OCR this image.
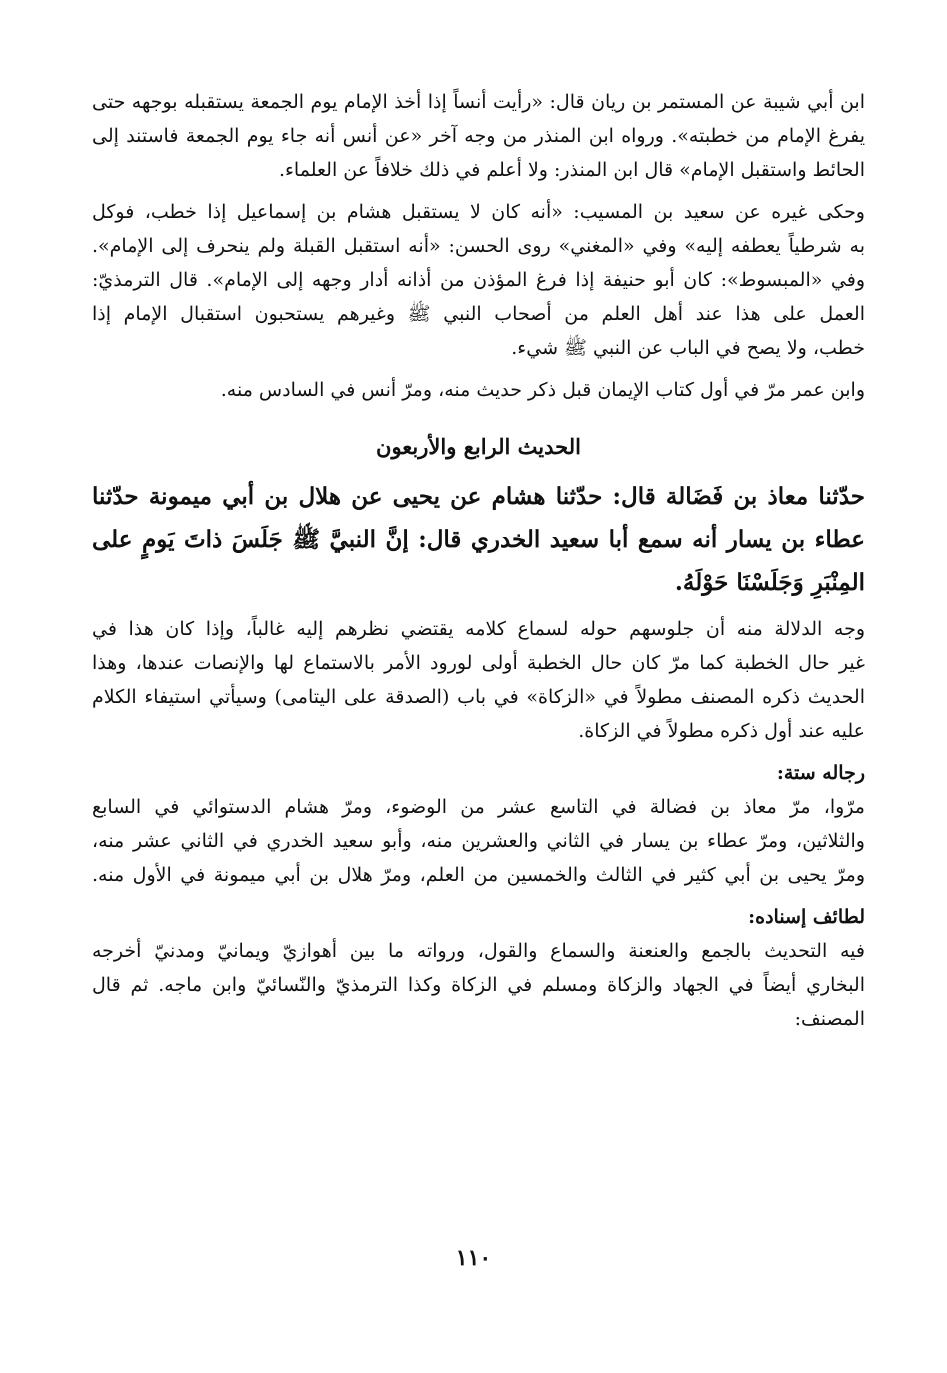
ابن أبي شيبة عن المستمر بن ريان قال: «رأيت أنساً إذا أخذ الإمام يوم الجمعة يستقبله بوجهه حتى
يفرغ الإمام من خطبته». ورواه ابن المنذر من وجه آخر «عن أنس أنه جاء يوم الجمعة فاستند إلى
الحائط واستقبل الإمام» قال ابن المنذر: ولا أعلم في ذلك خلافاً عن العلماء.
وحكى غيره عن سعيد بن المسيب: «أنه كان لا يستقبل هشام بن إسماعيل إذا خطب، فوكل
به شرطياً يعطفه إليه» وفي «المغني» روى الحسن: «أنه استقبل القبلة ولم ينحرف إلى الإمام».
وفي «المبسوط»: كان أبو حنيفة إذا فرغ المؤذن من أذانه أدار وجهه إلى الإمام». قال الترمذيّ:
العمل على هذا عند أهل العلم من أصحاب النبي ﷺ وغيرهم يستحبون استقبال الإمام إذا
خطب، ولا يصح في الباب عن النبي ﷺ شيء.
وابن عمر مرّ في أول كتاب الإيمان قبل ذكر حديث منه، ومرّ أنس في السادس منه.
الحديث الرابع والأربعون
حدّثنا معاذ بن فَضَالة قال: حدّثنا هشام عن يحيى عن هلال بن أبي ميمونة حدّثنا
عطاء بن يسار أنه سمع أبا سعيد الخدري قال: إنَّ النبيَّ ﷺ جَلَسَ ذاتَ يَومٍ على
المِنْبَرِ وَجَلَسْنَا حَوْلَهُ.
وجه الدلالة منه أن جلوسهم حوله لسماع كلامه يقتضي نظرهم إليه غالباً، وإذا كان هذا في
غير حال الخطبة كما مرّ كان حال الخطبة أولى لورود الأمر بالاستماع لها والإنصات عندها، وهذا
الحديث ذكره المصنف مطولاً في «الزكاة» في باب (الصدقة على اليتامى) وسيأتي استيفاء الكلام
عليه عند أول ذكره مطولاً في الزكاة.
رجاله ستة:
مرّوا، مرّ معاذ بن فضالة في التاسع عشر من الوضوء، ومرّ هشام الدستوائي في السابع
والثلاثين، ومرّ عطاء بن يسار في الثاني والعشرين منه، وأبو سعيد الخدري في الثاني عشر منه،
ومرّ يحيى بن أبي كثير في الثالث والخمسين من العلم، ومرّ هلال بن أبي ميمونة في الأول منه.
لطائف إسناده:
فيه التحديث بالجمع والعنعنة والسماع والقول، ورواته ما بين أهوازيّ ويمانيّ ومدنيّ أخرجه
البخاري أيضاً في الجهاد والزكاة ومسلم في الزكاة وكذا الترمذيّ والنّسائيّ وابن ماجه. ثم قال
المصنف:
١١٠
